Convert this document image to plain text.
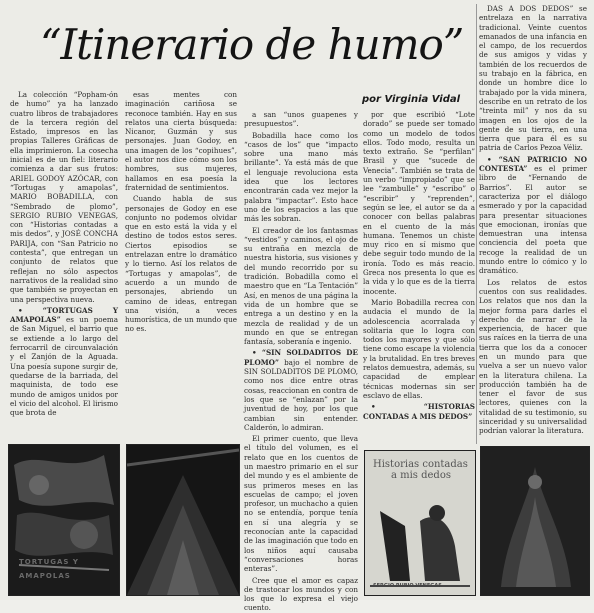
“Itinerario de humo”
por Virginia Vidal

La colección “Popham-ón de humo” ya ha lanzado cuatro libros de trabajadores de la tercera región del Estado, impresos en las propias Talleres Gráficas de ella imprimieron. La cosecha inicial es de un fiel: literario comienza a dar sus frutos: ARIEL GODOY AZÓCAR, con “Tortugas y amapolas”, MARIO BOBADILLA, con “Sembrado de plomo”, SERGIO RUBIO VENEGAS, con “Historias contadas a mis dedos”, y JOSÉ CONCHA PARIJA, con “San Patricio no contesta”, que entregan un conjunto de relatos que reflejan no sólo aspectos narrativos de la realidad sino que también se proyectan en una perspectiva nueva.

• “TORTUGAS Y AMAPOLAS” es un poema de San Miguel, el barrio que se extiende a lo largo del ferrocarril de circunvalación y el Zanjón de la Aguada. Una poesía supone surgir de, quedarse de la barriada, del maquinista, de todo ese mundo de amigos unidos por el vicio del alcohol. El lirismo que brota de

esas mentes con imaginación cariñosa se reconoce también. Hay en sus relatos una cierta búsqueda: Nicanor, Guzmán y sus personajes. Juan Godoy, en una imagen de los “copihues”, el autor nos dice cómo son los hombres, sus mujeres, hallamos en esa poesía la fraternidad de sentimientos.

Cuando habla de sus personajes de Godoy en ese conjunto no podemos olvidar que en esto está la vida y el destino de todos estos seres. Ciertos episodios se entrelazan entre lo dramático y lo tierno. Así los relatos de “Tortugas y amapolas”, de acuerdo a un mundo de personajes, abriendo un camino de ideas, entregan una visión, a veces humorística, de un mundo que no es.

a san “unos guapenes y presupuestos”.

Bobadilla hace como los “casos de los” que “impacto sobre una mano más brillante”. Ya está más de que el lenguaje revoluciona esta idea que los lectores encontrarán cada vez mejor la palabra “impactar”. Esto hace uno de los espacios a las que más les sobran.

El creador de los fantasmas “vestidos” y caminos, el ojo de su entraña en mezcla de nuestra historia, sus visiones y del mundo recorrido por su tradición. Bobadilla como el maestro que en “La Tentación” Así, en menos de una página la vida de un hombre que se entrega a un destino y en la mezcla de realidad y de un mundo en que se entregan fantasía, soberanía e ingenio.

• “SIN SOLDADITOS DE PLOMO” bajo el nombre de SIN SOLDADITOS DE PLOMO, como nos dice entre otras cosas, reaccionan en contra de los que se “enlazan” por la juventud de hoy, por los que cambian sin entender. Calderón, lo admiran.

El primer cuento, que lleva el título del volumen, es el relato que en los cuentos de un maestro primario en el sur del mundo y es el ambiente de sus primeros meses en las escuelas de campo; el joven profesor, un muchacho a quien no se entendía, porque tenía en sí una alegría y se reconocían ante la capacidad de las imaginación que todo en los niños aquí causaba “conversaciones horas enteras”.

Cree que el amor es capaz de trastocar los mundos y con los que lo expresa el viejo cuento.

por que escribió “Lote dorado” se puede ser tomado como un modelo de todos ellos. Todo modo, resulta un texto extraño. Se “perfilan” Brasil y que “sucede de Venecia”. También se trata de un verbo “impropiado” que se lee “zambulle” y “escribo” o “escribir” y “reprenden”, según se lee, el autor se da a conocer con bellas palabras en el cuento de la más humana. Tenemos un chiste muy rico en sí mismo que debe seguir todo mundo de la ironía. Todo es más reacio. Greca nos presenta lo que es la vida y lo que es de la tierra inocente.

Mario Bobadilla recrea con audacia el mundo de la adolescencia acorralada y solitaria que lo logra con todos los mayores y que sólo tiene como escape la violencia y la brutalidad. En tres breves relatos demuestra, además, su capacidad de emplear técnicas modernas sin ser esclavo de ellas.

• “HISTORIAS CONTADAS A MIS DEDOS”

DAS A DOS DEDOS” se entrelaza en la narrativa tradicional. Veinte cuentos emanados de una infancia en el campo, de los recuerdos de sus amigos y vidas y también de los recuerdos de su trabajo en la fábrica, en donde un hombre dice lo trabajado por la vida minera, describe en un retrato de los “treinta mil” y nos da su imagen en los ojos de la gente de su tierra, en una tierra que para él es su patria de Carlos Pezoa Véliz.

• “SAN PATRICIO NO CONTESTA” es el primer libro de “Fernando de Barrios”. El autor se caracteriza por el diálogo esmerado y por la capacidad para presentar situaciones que emocionan, ironías que demuestran una intensa conciencia del poeta que recoge la realidad de un mundo entre lo cómico y lo dramático.

Los relatos de estos cuentos con sus realidades. Los relatos que nos dan la mejor forma para darles el derecho de narrar de la experiencia, de hacer que sus raíces en la tierra de una tierra que los da a conocer en un mundo para que vuelva a ser un nuevo valor en la literatura chilena. La producción también ha de tener el favor de sus lectores, quienes con la vitalidad de su testimonio, su sinceridad y su universalidad podrían valorar la literatura.

TORTUGAS Y AMAPOLAS
Historias contadas
a mis dedos
SERGIO RUBIO VENEGAS
